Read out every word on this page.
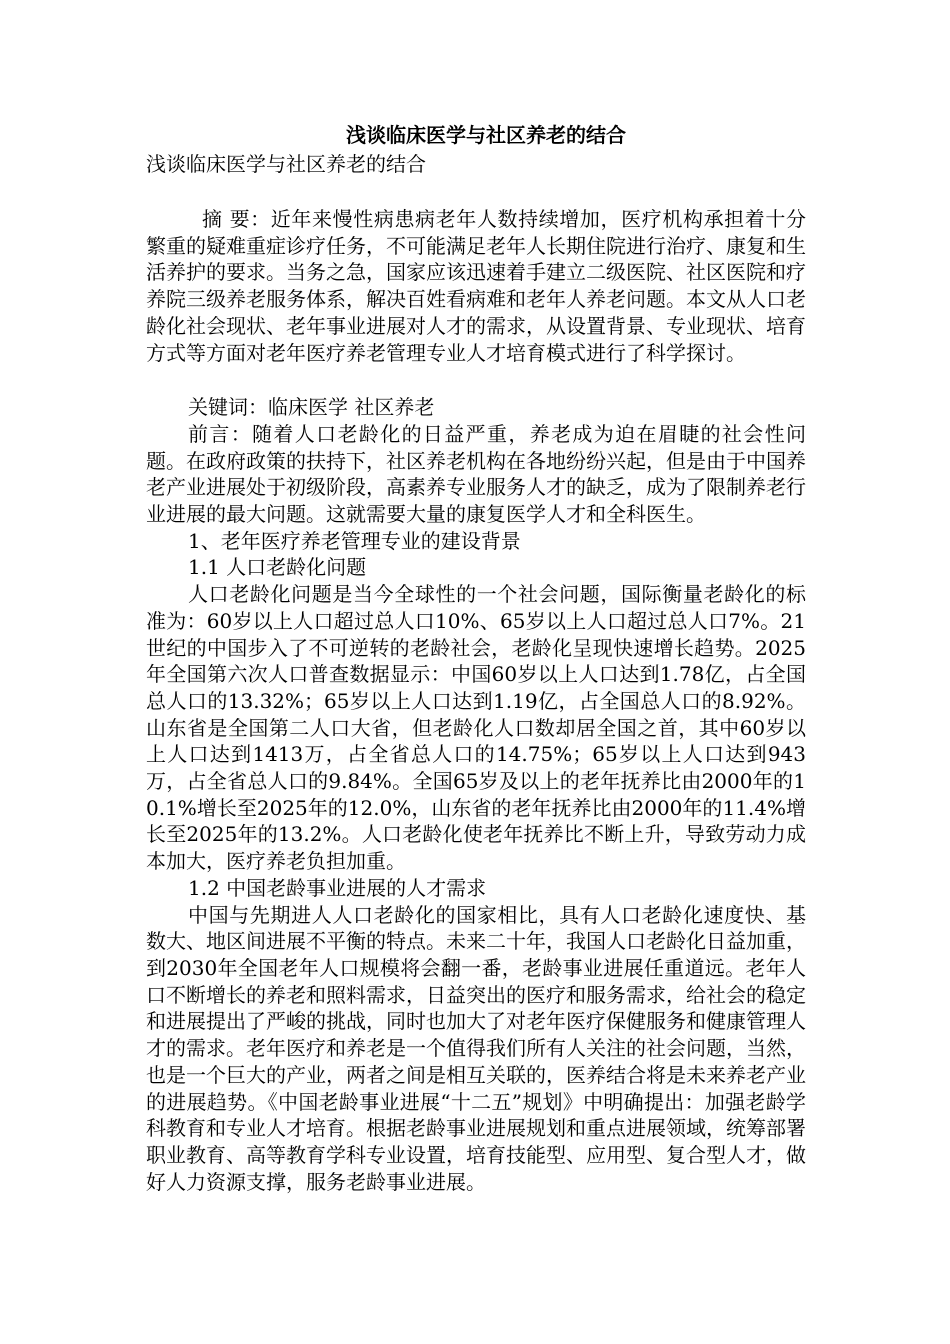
浅谈临床医学与社区养老的结合
浅谈临床医学与社区养老的结合

摘 要：近年来慢性病患病老年人数持续增加，医疗机构承担着十分繁重的疑难重症诊疗任务，不可能满足老年人长期住院进行治疗、康复和生活养护的要求。当务之急，国家应该迅速着手建立二级医院、社区医院和疗养院三级养老服务体系，解决百姓看病难和老年人养老问题。本文从人口老龄化社会现状、老年事业进展对人才的需求，从设置背景、专业现状、培育方式等方面对老年医疗养老管理专业人才培育模式进行了科学探讨。

关键词：临床医学 社区养老

前言：随着人口老龄化的日益严重，养老成为迫在眉睫的社会性问题。在政府政策的扶持下，社区养老机构在各地纷纷兴起，但是由于中国养老产业进展处于初级阶段，高素养专业服务人才的缺乏，成为了限制养老行业进展的最大问题。这就需要大量的康复医学人才和全科医生。

1、老年医疗养老管理专业的建设背景
1.1 人口老龄化问题

人口老龄化问题是当今全球性的一个社会问题，国际衡量老龄化的标准为：60岁以上人口超过总人口10%、65岁以上人口超过总人口7%。21世纪的中国步入了不可逆转的老龄社会，老龄化呈现快速增长趋势。2025年全国第六次人口普查数据显示：中国60岁以上人口达到1.78亿，占全国总人口的13.32%；65岁以上人口达到1.19亿，占全国总人口的8.92%。山东省是全国第二人口大省，但老龄化人口数却居全国之首，其中60岁以上人口达到1413万，占全省总人口的14.75%；65岁以上人口达到943万，占全省总人口的9.84%。全国65岁及以上的老年抚养比由2000年的10.1%增长至2025年的12.0%，山东省的老年抚养比由2000年的11.4%增长至2025年的13.2%。人口老龄化使老年抚养比不断上升，导致劳动力成本加大，医疗养老负担加重。

1.2 中国老龄事业进展的人才需求

中国与先期进人人口老龄化的国家相比，具有人口老龄化速度快、基数大、地区间进展不平衡的特点。未来二十年，我国人口老龄化日益加重，到2030年全国老年人口规模将会翻一番，老龄事业进展任重道远。老年人口不断增长的养老和照料需求，日益突出的医疗和服务需求，给社会的稳定和进展提出了严峻的挑战，同时也加大了对老年医疗保健服务和健康管理人才的需求。老年医疗和养老是一个值得我们所有人关注的社会问题，当然，也是一个巨大的产业，两者之间是相互关联的，医养结合将是未来养老产业的进展趋势。《中国老龄事业进展“十二五”规划》中明确提出：加强老龄学科教育和专业人才培育。根据老龄事业进展规划和重点进展领域，统筹部署职业教育、高等教育学科专业设置，培育技能型、应用型、复合型人才，做好人力资源支撑，服务老龄事业进展。
